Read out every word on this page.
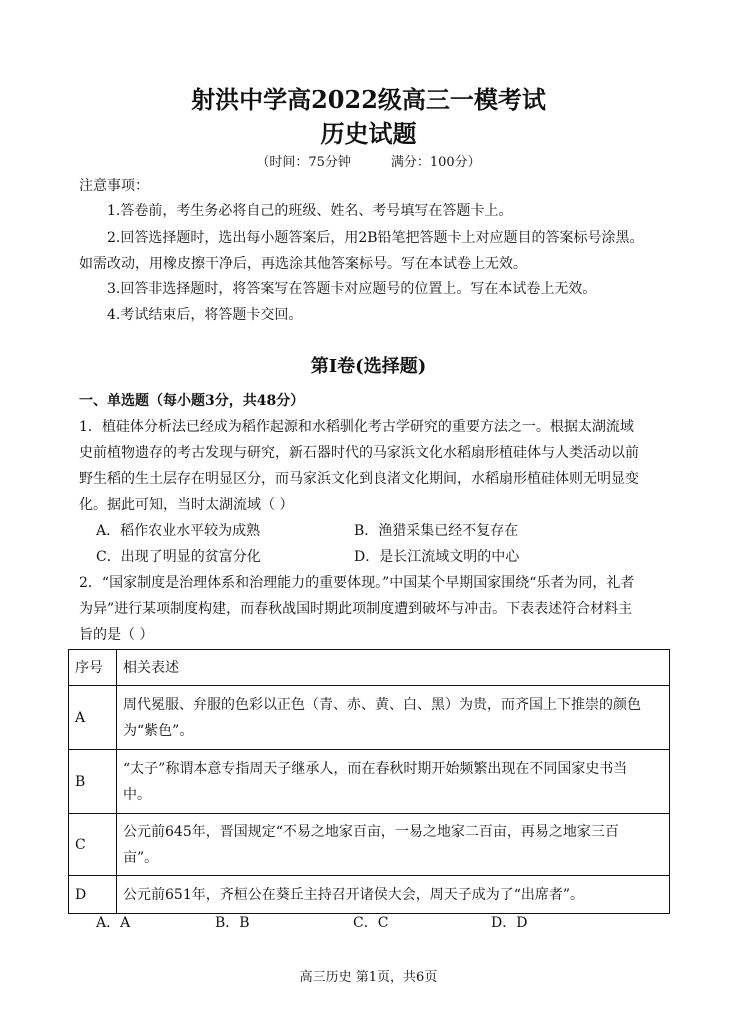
射洪中学高2022级高三一模考试
历史试题
（时间：75分钟	满分：100分）
注意事项：
1.答卷前，考生务必将自己的班级、姓名、考号填写在答题卡上。
2.回答选择题时，选出每小题答案后，用2B铅笔把答题卡上对应题目的答案标号涂黑。
如需改动，用橡皮擦干净后，再选涂其他答案标号。写在本试卷上无效。
3.回答非选择题时，将答案写在答题卡对应题号的位置上。写在本试卷上无效。
4.考试结束后，将答题卡交回。
第I卷(选择题)
一、单选题（每小题3分，共48分）
1．植硅体分析法已经成为稻作起源和水稻驯化考古学研究的重要方法之一。根据太湖流域
史前植物遗存的考古发现与研究，新石器时代的马家浜文化水稻扇形植硅体与人类活动以前
野生稻的生土层存在明显区分，而马家浜文化到良渚文化期间，水稻扇形植硅体则无明显变
化。据此可知，当时太湖流域（ ）
A．稻作农业水平较为成熟	B．渔猎采集已经不复存在
C．出现了明显的贫富分化	D．是长江流域文明的中心
2．“国家制度是治理体系和治理能力的重要体现。”中国某个早期国家围绕“乐者为同，礼者
为异”进行某项制度构建，而春秋战国时期此项制度遭到破坏与冲击。下表表述符合材料主
旨的是（ ）
序号	相关表述
A	周代冕服、弁服的色彩以正色（青、赤、黄、白、黑）为贵，而齐国上下推崇的颜色
为“紫色”。

B	“太子”称谓本意专指周天子继承人，而在春秋时期开始频繁出现在不同国家史书当
中。

C	公元前645年，晋国规定“不易之地家百亩，一易之地家二百亩，再易之地家三百
亩”。

D	公元前651年，齐桓公在葵丘主持召开诸侯大会，周天子成为了“出席者”。
A．A	B．B	C．C	D．D
高三历史 第1页，共6页
